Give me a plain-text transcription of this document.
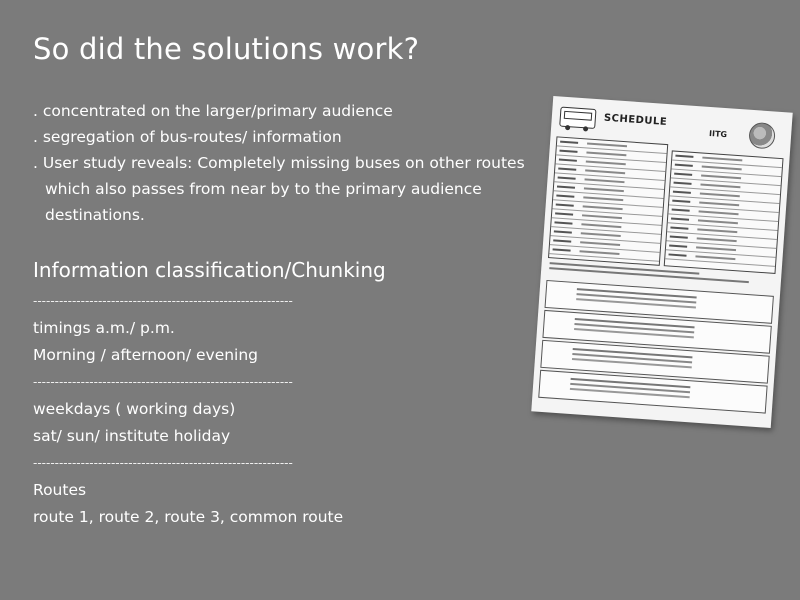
So did the solutions work?
. concentrated on the larger/primary audience
. segregation of bus-routes/ information
. User study reveals: Completely missing buses on other routes
which also passes from near by to the primary audience
destinations.
Information classification/Chunking
------------------------------------------------------------
timings a.m./ p.m.
Morning / afternoon/ evening
------------------------------------------------------------
weekdays ( working days)
sat/ sun/ institute holiday
------------------------------------------------------------
Routes
route 1, route 2, route 3, common route
SCHEDULE
IITG
